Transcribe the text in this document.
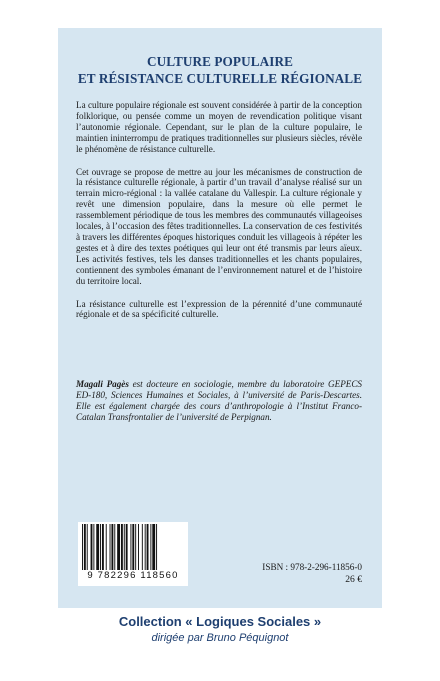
CULTURE POPULAIRE
ET RÉSISTANCE CULTURELLE RÉGIONALE

La culture populaire régionale est souvent considérée à partir de la conception folklorique, ou pensée comme un moyen de revendication politique visant l’autonomie régionale. Cependant, sur le plan de la culture populaire, le maintien ininterrompu de pratiques traditionnelles sur plusieurs siècles, révèle le phénomène de résistance culturelle.

Cet ouvrage se propose de mettre au jour les mécanismes de construction de la résistance culturelle régionale, à partir d’un travail d’analyse réalisé sur un terrain micro-régional : la vallée catalane du Vallespir. La culture régionale y revêt une dimension populaire, dans la mesure où elle permet le rassemblement périodique de tous les membres des communautés villageoises locales, à l’occasion des fêtes traditionnelles. La conservation de ces festivités à travers les différentes époques historiques conduit les villageois à répéter les gestes et à dire des textes poétiques qui leur ont été transmis par leurs aïeux. Les activités festives, tels les danses traditionnelles et les chants populaires, contiennent des symboles émanant de l’environnement naturel et de l’histoire du territoire local.

La résistance culturelle est l’expression de la pérennité d’une communauté régionale et de sa spécificité culturelle.

Magali Pagès est docteure en sociologie, membre du laboratoire GEPECS ED-180, Sciences Humaines et Sociales, à l’université de Paris-Descartes. Elle est également chargée des cours d’anthropologie à l’Institut Franco-Catalan Transfrontalier de l’université de Perpignan.
9 782296 118560
ISBN : 978-2-296-11856-0
26 €
Collection « Logiques Sociales »
dirigée par Bruno Péquignot
